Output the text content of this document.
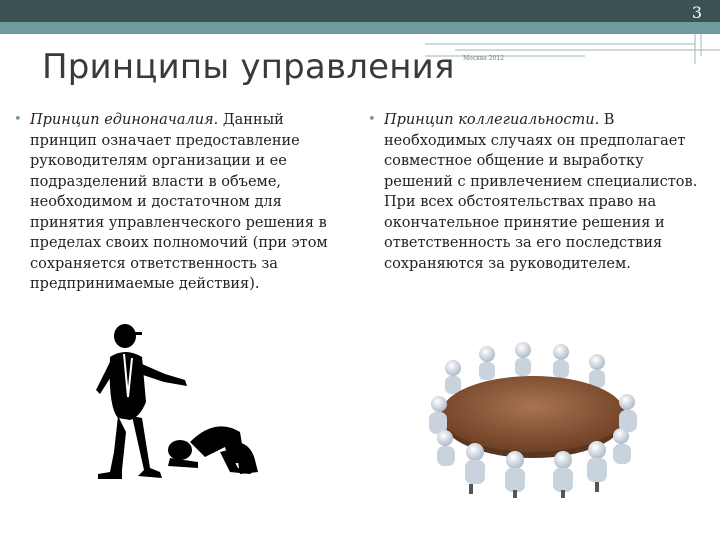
3
Принципы управления Москва 2012
• Принцип единоначалия. Данный принцип означает предоставление руководителям организации и ее подразделений власти в объеме, необходимом и достаточном для принятия управленческого решения в пределах своих полномочий (при этом сохраняется ответственность за предпринимаемые действия).
• Принцип коллегиальности. В необходимых случаях он предполагает совместное общение и выработку решений с привлечением специалистов. При всех обстоятельствах право на окончательное принятие решения и ответственность за его последствия сохраняются за руководителем.
